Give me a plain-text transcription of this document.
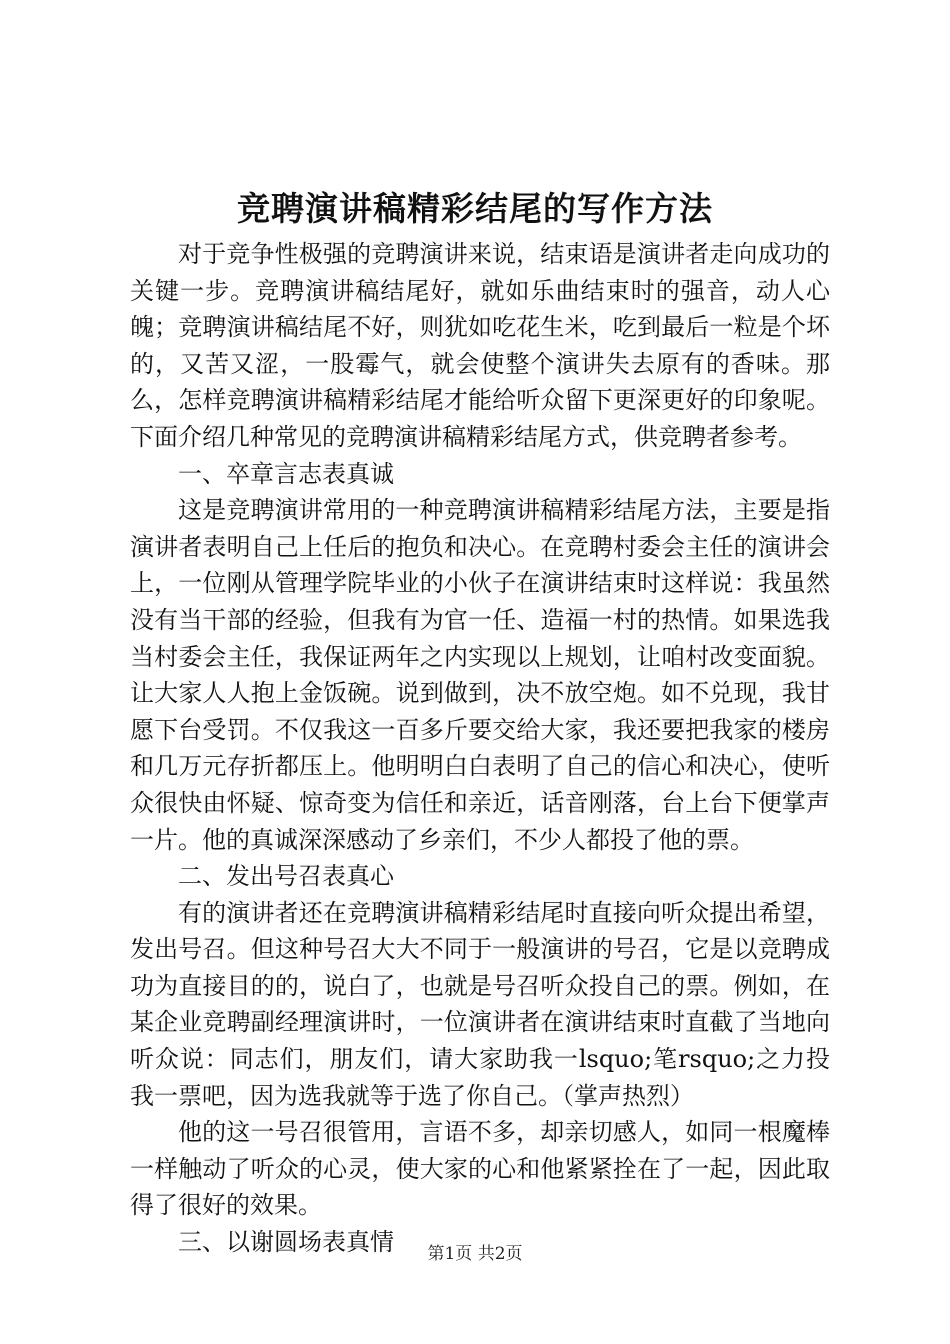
竞聘演讲稿精彩结尾的写作方法

对于竞争性极强的竞聘演讲来说，结束语是演讲者走向成功的关键一步。竞聘演讲稿结尾好，就如乐曲结束时的强音，动人心魄；竞聘演讲稿结尾不好，则犹如吃花生米，吃到最后一粒是个坏的，又苦又涩，一股霉气，就会使整个演讲失去原有的香味。那么，怎样竞聘演讲稿精彩结尾才能给听众留下更深更好的印象呢。下面介绍几种常见的竞聘演讲稿精彩结尾方式，供竞聘者参考。

一、卒章言志表真诚

这是竞聘演讲常用的一种竞聘演讲稿精彩结尾方法，主要是指演讲者表明自己上任后的抱负和决心。在竞聘村委会主任的演讲会上，一位刚从管理学院毕业的小伙子在演讲结束时这样说：我虽然没有当干部的经验，但我有为官一任、造福一村的热情。如果选我当村委会主任，我保证两年之内实现以上规划，让咱村改变面貌。让大家人人抱上金饭碗。说到做到，决不放空炮。如不兑现，我甘愿下台受罚。不仅我这一百多斤要交给大家，我还要把我家的楼房和几万元存折都压上。他明明白白表明了自己的信心和决心，使听众很快由怀疑、惊奇变为信任和亲近，话音刚落，台上台下便掌声一片。他的真诚深深感动了乡亲们，不少人都投了他的票。

二、发出号召表真心

有的演讲者还在竞聘演讲稿精彩结尾时直接向听众提出希望，发出号召。但这种号召大大不同于一般演讲的号召，它是以竞聘成功为直接目的的，说白了，也就是号召听众投自己的票。例如，在某企业竞聘副经理演讲时，一位演讲者在演讲结束时直截了当地向听众说：同志们，朋友们，请大家助我一lsquo;笔rsquo;之力投我一票吧，因为选我就等于选了你自己。（掌声热烈）

他的这一号召很管用，言语不多，却亲切感人，如同一根魔棒一样触动了听众的心灵，使大家的心和他紧紧拴在了一起，因此取得了很好的效果。

三、以谢圆场表真情	第1页 共2页
